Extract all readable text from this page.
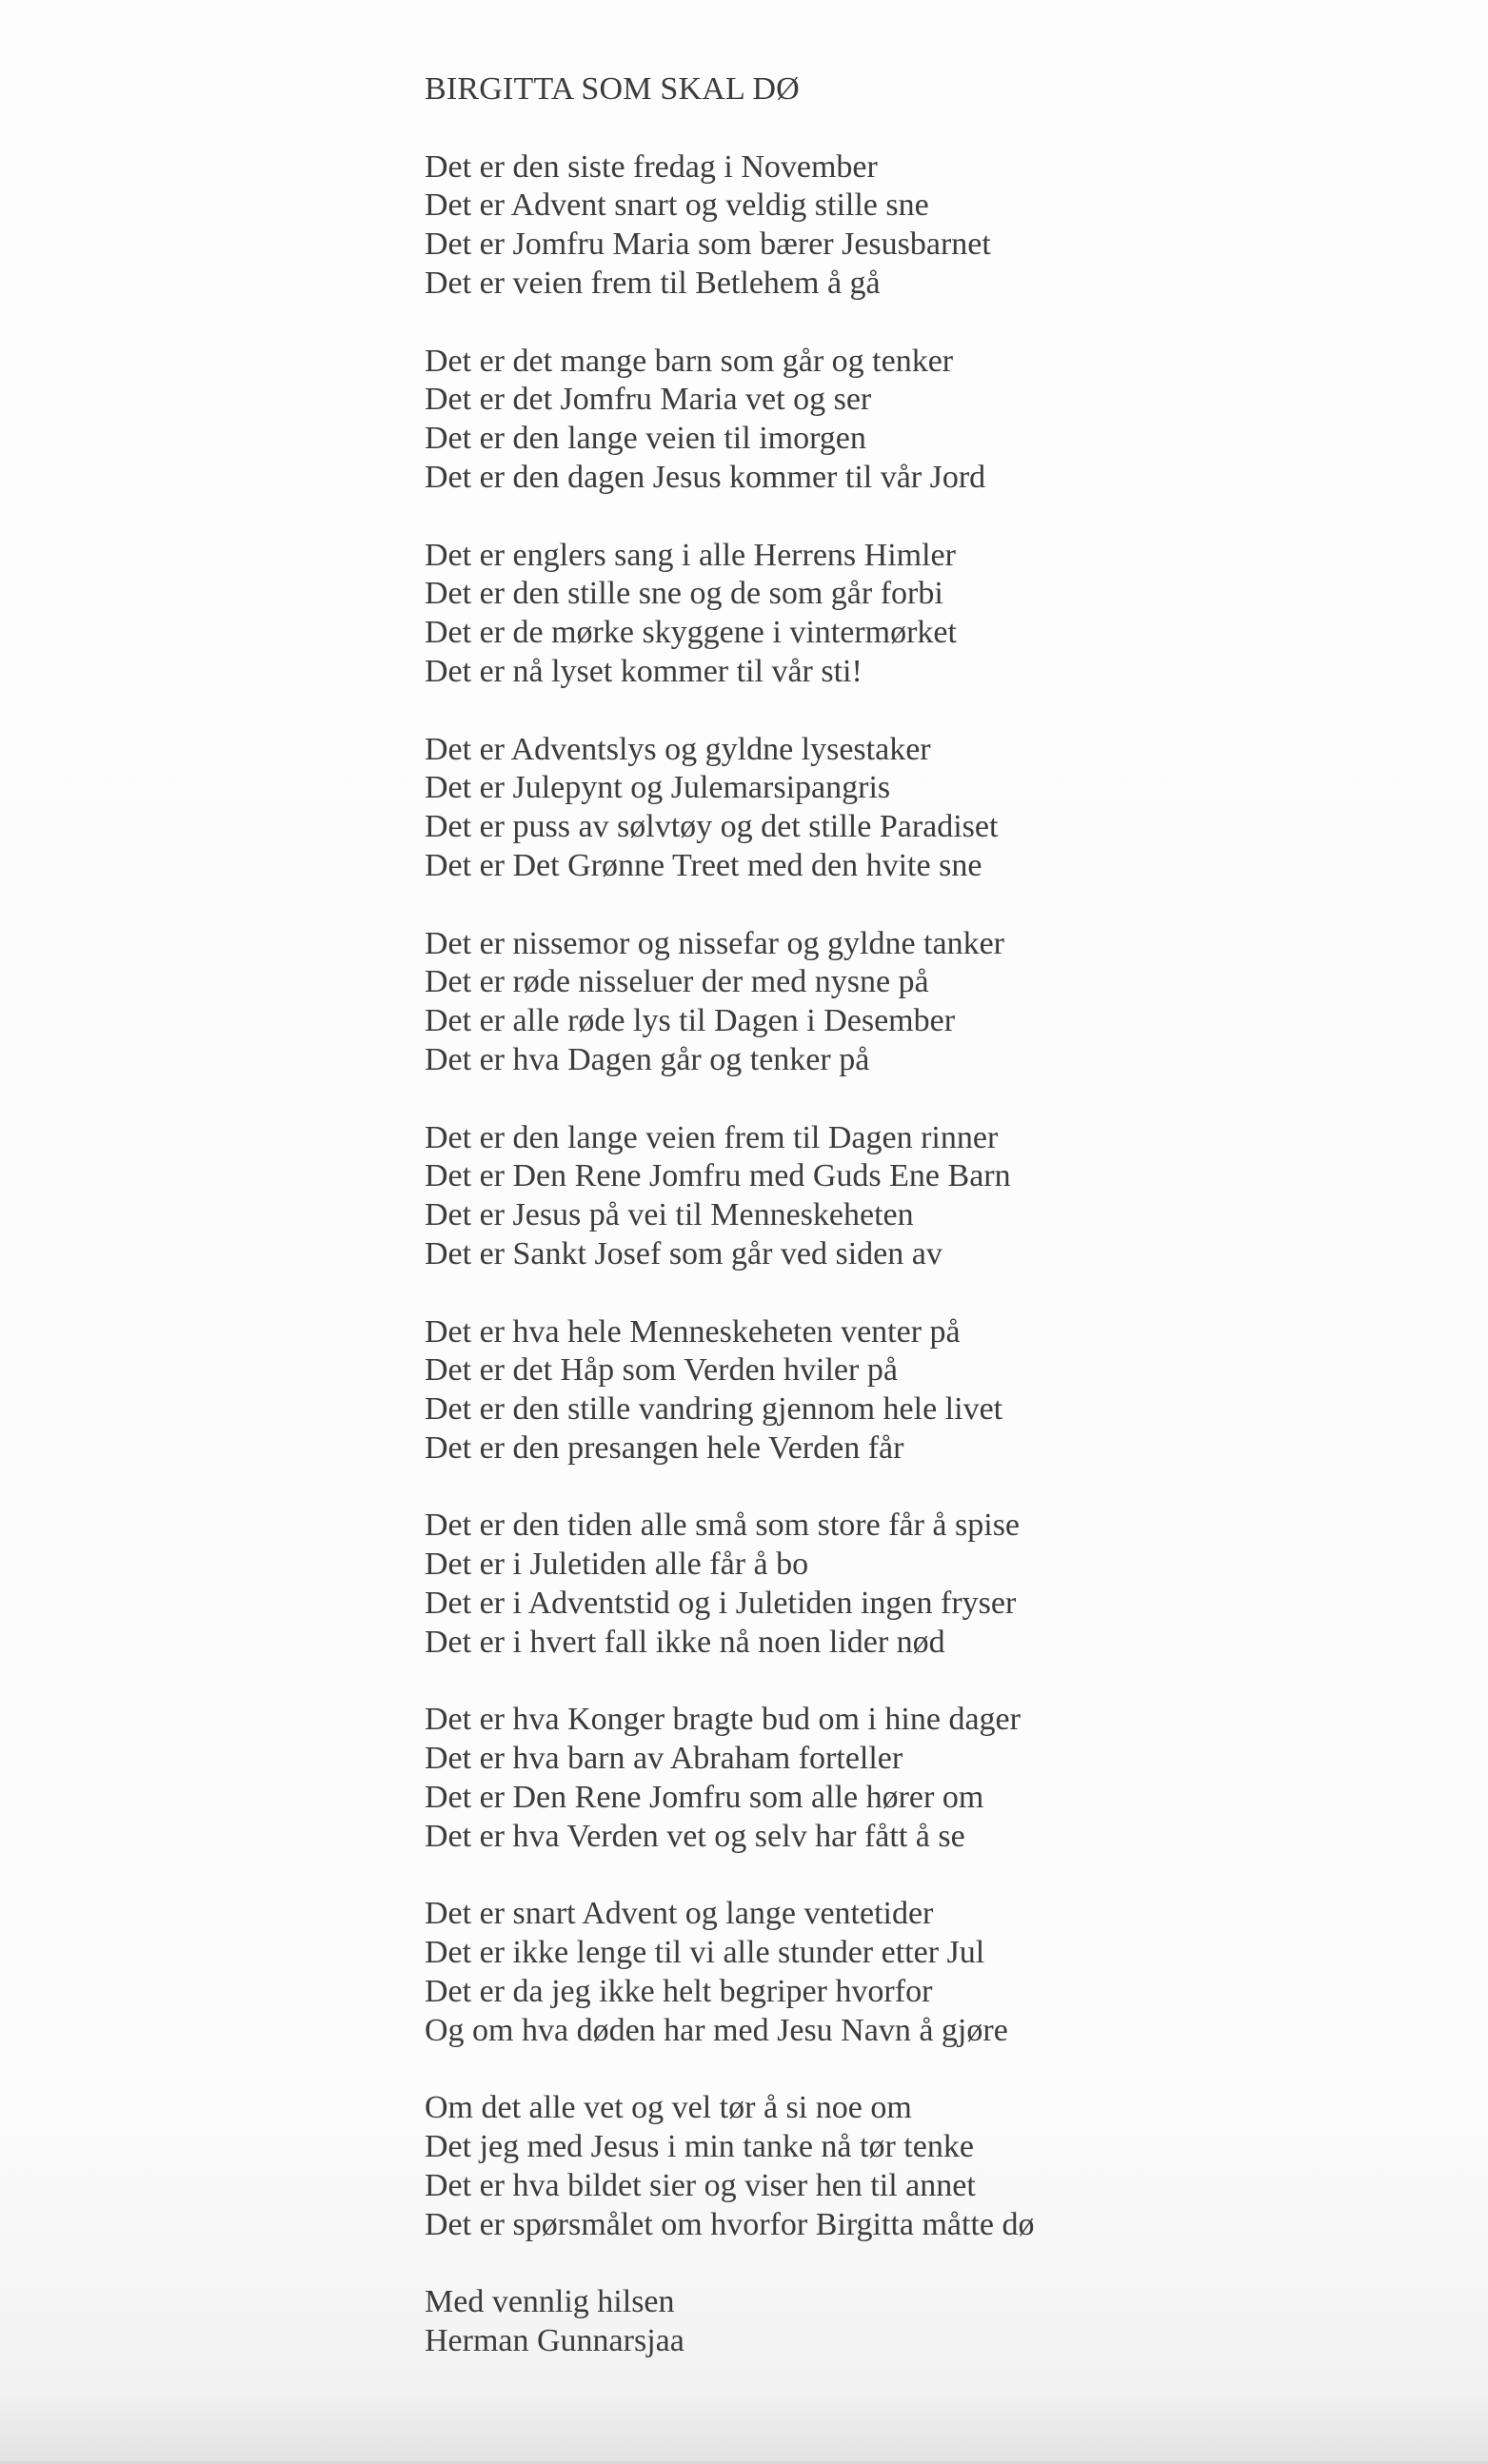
BIRGITTA SOM SKAL DØ
Det er den siste fredag i November
Det er Advent snart og veldig stille sne
Det er Jomfru Maria som bærer Jesusbarnet
Det er veien frem til Betlehem å gå
Det er det mange barn som går og tenker
Det er det Jomfru Maria vet og ser
Det er den lange veien til imorgen
Det er den dagen Jesus kommer til vår Jord
Det er englers sang i alle Herrens Himler
Det er den stille sne og de som går forbi
Det er de mørke skyggene i vintermørket
Det er nå lyset kommer til vår sti!
Det er Adventslys og gyldne lysestaker
Det er Julepynt og Julemarsipangris
Det er puss av sølvtøy og det stille Paradiset
Det er Det Grønne Treet med den hvite sne
Det er nissemor og nissefar og gyldne tanker
Det er røde nisseluer der med nysne på
Det er alle røde lys til Dagen i Desember
Det er hva Dagen går og tenker på
Det er den lange veien frem til Dagen rinner
Det er Den Rene Jomfru med Guds Ene Barn
Det er Jesus på vei til Menneskeheten
Det er Sankt Josef som går ved siden av
Det er hva hele Menneskeheten venter på
Det er det Håp som Verden hviler på
Det er den stille vandring gjennom hele livet
Det er den presangen hele Verden får
Det er den tiden alle små som store får å spise
Det er i Juletiden alle får å bo
Det er i Adventstid og i Juletiden ingen fryser
Det er i hvert fall ikke nå noen lider nød
Det er hva Konger bragte bud om i hine dager
Det er hva barn av Abraham forteller
Det er Den Rene Jomfru som alle hører om
Det er hva Verden vet og selv har fått å se
Det er snart Advent og lange ventetider
Det er ikke lenge til vi alle stunder etter Jul
Det er da jeg ikke helt begriper hvorfor
Og om hva døden har med Jesu Navn å gjøre
Om det alle vet og vel tør å si noe om
Det jeg med Jesus i min tanke nå tør tenke
Det er hva bildet sier og viser hen til annet
Det er spørsmålet om hvorfor Birgitta måtte dø
Med vennlig hilsen
Herman Gunnarsjaa
